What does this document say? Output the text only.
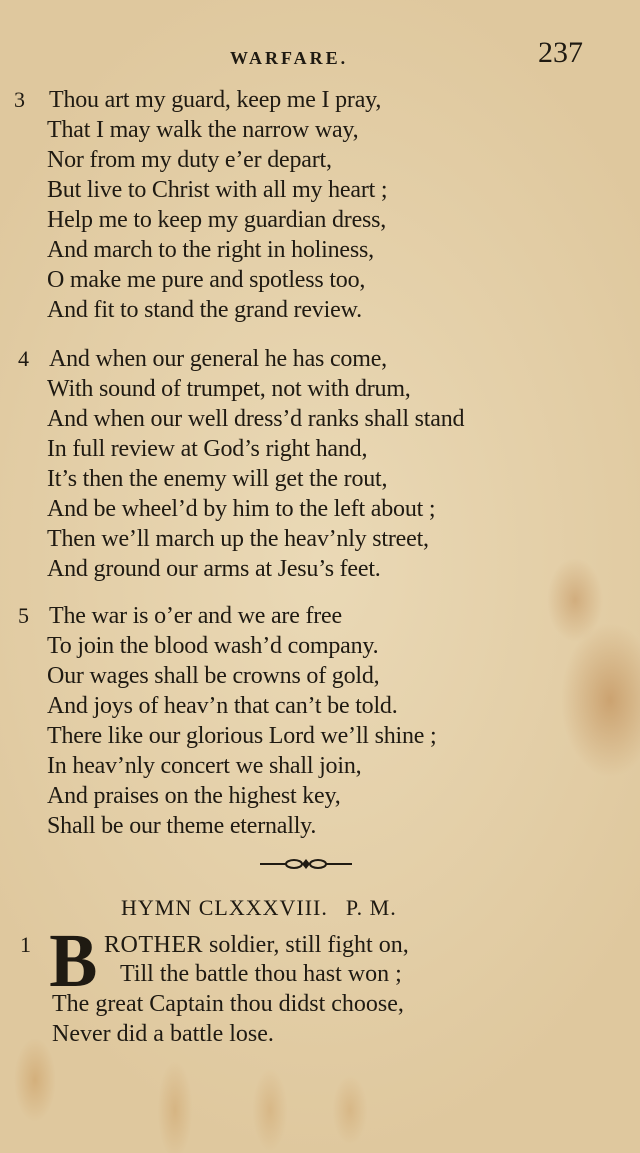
WARFARE.	237
3 Thou art my guard, keep me I pray,
That I may walk the narrow way,
Nor from my duty e’er depart,
But live to Christ with all my heart ;
Help me to keep my guardian dress,
And march to the right in holiness,
O make me pure and spotless too,
And fit to stand the grand review.
4 And when our general he has come,
With sound of trumpet, not with drum,
And when our well dress’d ranks shall stand
In full review at God’s right hand,
It’s then the enemy will get the rout,
And be wheel’d by him to the left about ;
Then we’ll march up the heav’nly street,
And ground our arms at Jesu’s feet.
5 The war is o’er and we are free
To join the blood wash’d company.
Our wages shall be crowns of gold,
And joys of heav’n that can’t be told.
There like our glorious Lord we’ll shine ;
In heav’nly concert we shall join,
And praises on the highest key,
Shall be our theme eternally.
HYMN CLXXXVIII. P. M.
1 B ROTHER soldier, still fight on,
Till the battle thou hast won ;
The great Captain thou didst choose,
Never did a battle lose.
